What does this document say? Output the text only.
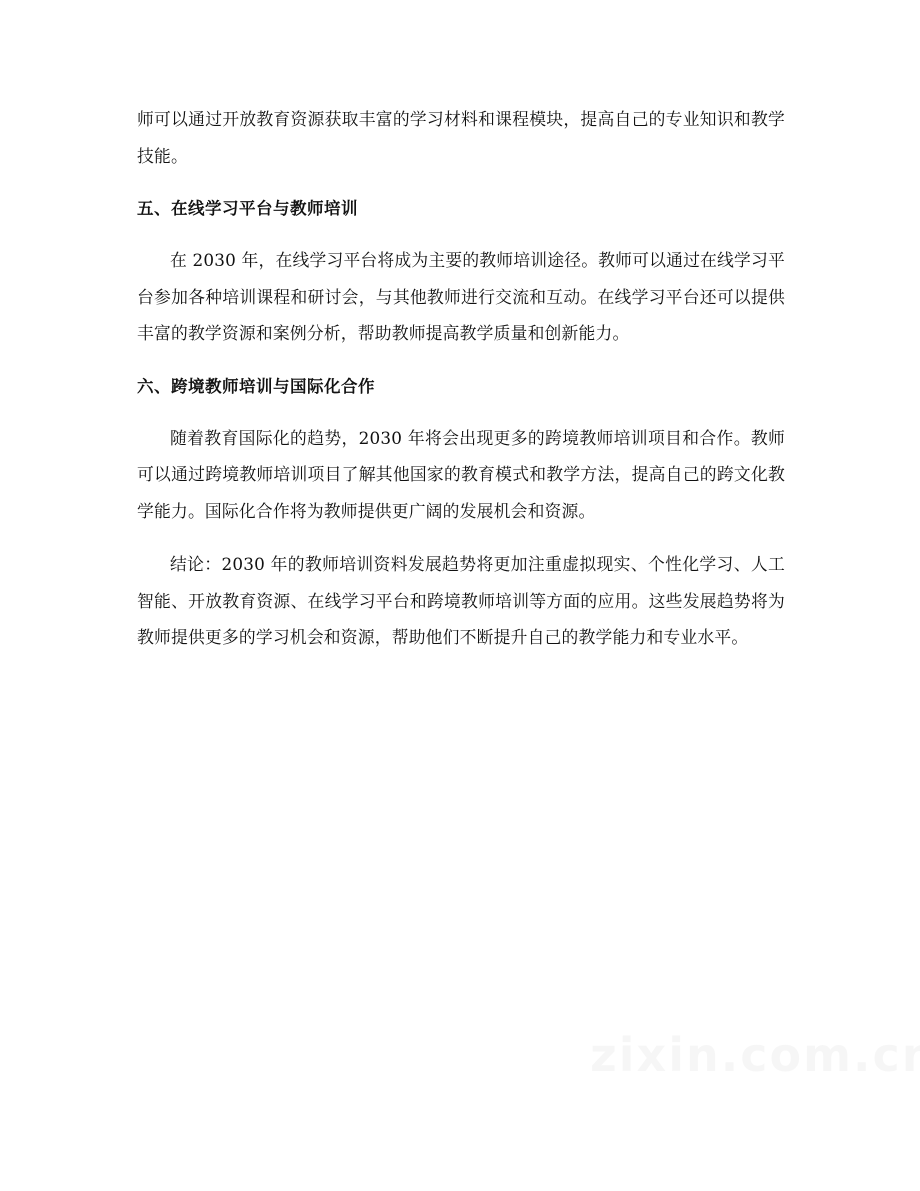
师可以通过开放教育资源获取丰富的学习材料和课程模块，提高自己的专业知识和教学技能。

五、在线学习平台与教师培训

在 2030 年，在线学习平台将成为主要的教师培训途径。教师可以通过在线学习平台参加各种培训课程和研讨会，与其他教师进行交流和互动。在线学习平台还可以提供丰富的教学资源和案例分析，帮助教师提高教学质量和创新能力。

六、跨境教师培训与国际化合作

随着教育国际化的趋势，2030 年将会出现更多的跨境教师培训项目和合作。教师可以通过跨境教师培训项目了解其他国家的教育模式和教学方法，提高自己的跨文化教学能力。国际化合作将为教师提供更广阔的发展机会和资源。

结论：2030 年的教师培训资料发展趋势将更加注重虚拟现实、个性化学习、人工智能、开放教育资源、在线学习平台和跨境教师培训等方面的应用。这些发展趋势将为教师提供更多的学习机会和资源，帮助他们不断提升自己的教学能力和专业水平。
